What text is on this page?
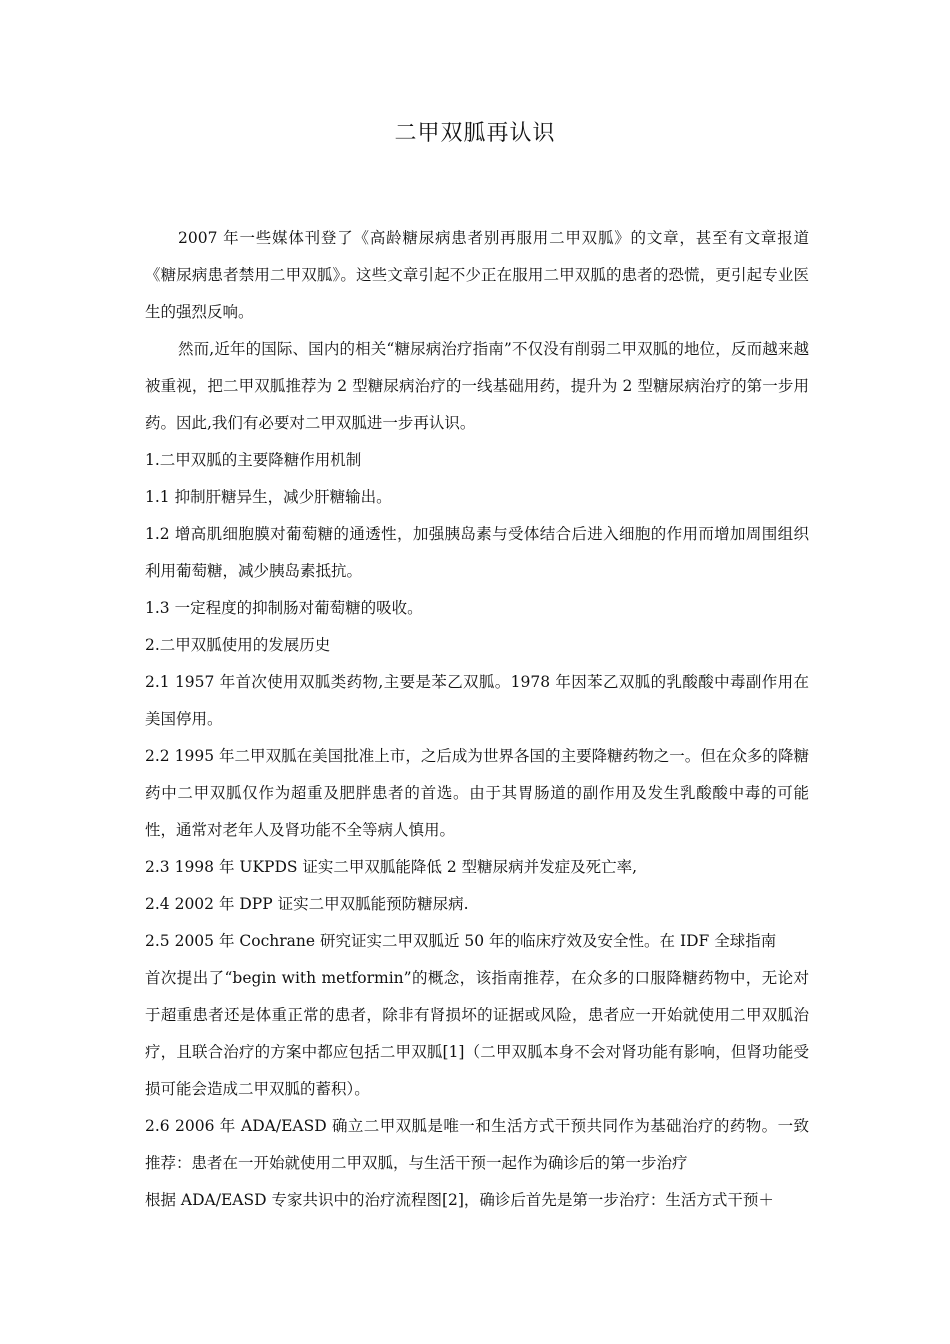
二甲双胍再认识

2007 年一些媒体刊登了《高龄糖尿病患者别再服用二甲双胍》的文章，甚至有文章报道《糖尿病患者禁用二甲双胍》。这些文章引起不少正在服用二甲双胍的患者的恐慌，更引起专业医生的强烈反响。

然而,近年的国际、国内的相关“糖尿病治疗指南”不仅没有削弱二甲双胍的地位，反而越来越被重视，把二甲双胍推荐为 2 型糖尿病治疗的一线基础用药，提升为 2 型糖尿病治疗的第一步用药。因此,我们有必要对二甲双胍进一步再认识。

1.二甲双胍的主要降糖作用机制

1.1 抑制肝糖异生，减少肝糖输出。

1.2 增高肌细胞膜对葡萄糖的通透性，加强胰岛素与受体结合后进入细胞的作用而增加周围组织利用葡萄糖，减少胰岛素抵抗。

1.3 一定程度的抑制肠对葡萄糖的吸收。

2.二甲双胍使用的发展历史

2.1 1957 年首次使用双胍类药物,主要是苯乙双胍。1978 年因苯乙双胍的乳酸酸中毒副作用在美国停用。

2.2 1995 年二甲双胍在美国批准上市，之后成为世界各国的主要降糖药物之一。但在众多的降糖药中二甲双胍仅作为超重及肥胖患者的首选。由于其胃肠道的副作用及发生乳酸酸中毒的可能性，通常对老年人及肾功能不全等病人慎用。

2.3 1998 年 UKPDS 证实二甲双胍能降低 2 型糖尿病并发症及死亡率,

2.4 2002 年 DPP 证实二甲双胍能预防糖尿病.

2.5 2005 年 Cochrane 研究证实二甲双胍近 50 年的临床疗效及安全性。在 IDF 全球指南

首次提出了“begin with metformin”的概念，该指南推荐，在众多的口服降糖药物中，无论对于超重患者还是体重正常的患者，除非有肾损坏的证据或风险，患者应一开始就使用二甲双胍治疗，且联合治疗的方案中都应包括二甲双胍[1]（二甲双胍本身不会对肾功能有影响，但肾功能受损可能会造成二甲双胍的蓄积）。

2.6 2006 年 ADA/EASD 确立二甲双胍是唯一和生活方式干预共同作为基础治疗的药物。一致推荐：患者在一开始就使用二甲双胍，与生活干预一起作为确诊后的第一步治疗

根据 ADA/EASD 专家共识中的治疗流程图[2]，确诊后首先是第一步治疗：生活方式干预＋
